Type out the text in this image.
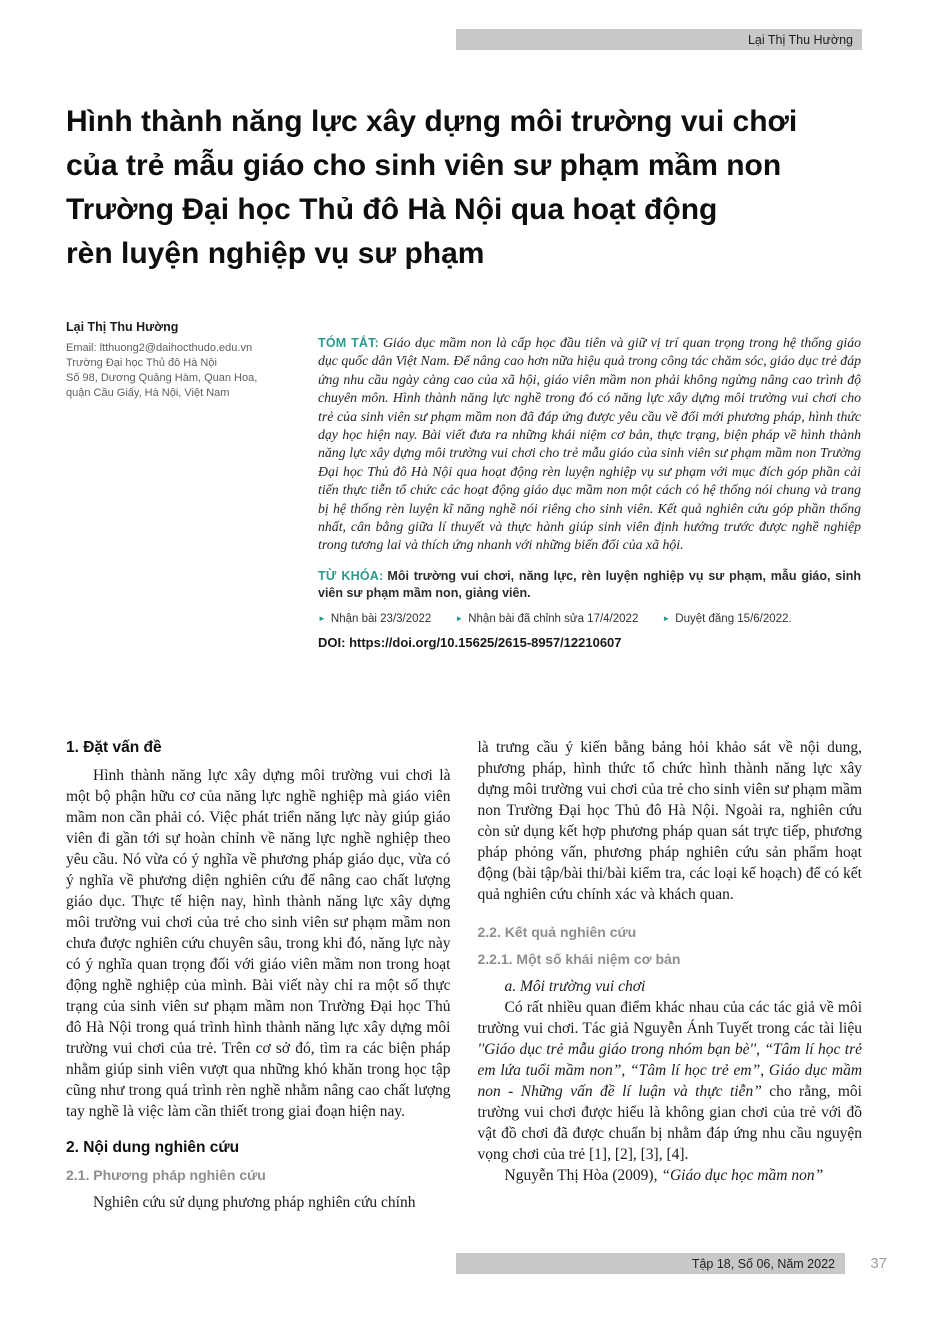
Lại Thị Thu Hường
Hình thành năng lực xây dựng môi trường vui chơi
của trẻ mẫu giáo cho sinh viên sư phạm mầm non
Trường Đại học Thủ đô Hà Nội qua hoạt động
rèn luyện nghiệp vụ sư phạm

Lại Thị Thu Hường

Email: ltthuong2@daihocthudo.edu.vn

Trường Đại học Thủ đô Hà Nội

Số 98, Dương Quảng Hàm, Quan Hoa,

quận Cầu Giấy, Hà Nội, Việt Nam

TÓM TẮT: Giáo dục mầm non là cấp học đầu tiên và giữ vị trí quan trọng trong hệ thống giáo dục quốc dân Việt Nam. Để nâng cao hơn nữa hiệu quả trong công tác chăm sóc, giáo dục trẻ đáp ứng nhu cầu ngày càng cao của xã hội, giáo viên mầm non phải không ngừng nâng cao trình độ chuyên môn. Hình thành năng lực nghề trong đó có năng lực xây dựng môi trường vui chơi cho trẻ của sinh viên sư phạm mầm non đã đáp ứng được yêu cầu về đổi mới phương pháp, hình thức dạy học hiện nay. Bài viết đưa ra những khái niệm cơ bản, thực trạng, biện pháp về hình thành năng lực xây dựng môi trường vui chơi cho trẻ mẫu giáo của sinh viên sư phạm mầm non Trường Đại học Thủ đô Hà Nội qua hoạt động rèn luyện nghiệp vụ sư phạm với mục đích góp phần cải tiến thực tiễn tổ chức các hoạt động giáo dục mầm non một cách có hệ thống nói chung và trang bị hệ thống rèn luyện kĩ năng nghề nói riêng cho sinh viên. Kết quả nghiên cứu góp phần thống nhất, cân bằng giữa lí thuyết và thực hành giúp sinh viên định hướng trước được nghề nghiệp trong tương lai và thích ứng nhanh với những biến đổi của xã hội.

TỪ KHÓA: Môi trường vui chơi, năng lực, rèn luyện nghiệp vụ sư phạm, mẫu giáo, sinh viên sư phạm mầm non, giảng viên.

► Nhận bài 23/3/2022	► Nhận bài đã chỉnh sửa 17/4/2022	► Duyệt đăng 15/6/2022.

DOI: https://doi.org/10.15625/2615-8957/12210607

1. Đặt vấn đề

Hình thành năng lực xây dựng môi trường vui chơi là một bộ phận hữu cơ của năng lực nghề nghiệp mà giáo viên mầm non cần phải có. Việc phát triển năng lực này giúp giáo viên đi gần tới sự hoàn chỉnh về năng lực nghề nghiệp theo yêu cầu. Nó vừa có ý nghĩa về phương pháp giáo dục, vừa có ý nghĩa về phương diện nghiên cứu để nâng cao chất lượng giáo dục. Thực tế hiện nay, hình thành năng lực xây dựng môi trường vui chơi của trẻ cho sinh viên sư phạm mầm non chưa được nghiên cứu chuyên sâu, trong khi đó, năng lực này có ý nghĩa quan trọng đối với giáo viên mầm non trong hoạt động nghề nghiệp của mình. Bài viết này chỉ ra một số thực trạng của sinh viên sư phạm mầm non Trường Đại học Thủ đô Hà Nội trong quá trình hình thành năng lực xây dựng môi trường vui chơi của trẻ. Trên cơ sở đó, tìm ra các biện pháp nhằm giúp sinh viên vượt qua những khó khăn trong học tập cũng như trong quá trình rèn nghề nhằm nâng cao chất lượng tay nghề là việc làm cần thiết trong giai đoạn hiện nay.

2. Nội dung nghiên cứu
2.1. Phương pháp nghiên cứu

Nghiên cứu sử dụng phương pháp nghiên cứu chính

là trưng cầu ý kiến bằng bảng hỏi khảo sát về nội dung, phương pháp, hình thức tổ chức hình thành năng lực xây dựng môi trường vui chơi của trẻ cho sinh viên sư phạm mầm non Trường Đại học Thủ đô Hà Nội. Ngoài ra, nghiên cứu còn sử dụng kết hợp phương pháp quan sát trực tiếp, phương pháp phỏng vấn, phương pháp nghiên cứu sản phẩm hoạt động (bài tập/bài thi/bài kiểm tra, các loại kế hoạch) để có kết quả nghiên cứu chính xác và khách quan.

2.2. Kết quả nghiên cứu
2.2.1. Một số khái niệm cơ bản

a. Môi trường vui chơi

Có rất nhiều quan điểm khác nhau của các tác giả về môi trường vui chơi. Tác giả Nguyễn Ánh Tuyết trong các tài liệu ''Giáo dục trẻ mẫu giáo trong nhóm bạn bè'', “Tâm lí học trẻ em lứa tuổi mầm non”, “Tâm lí học trẻ em”, Giáo dục mầm non - Những vấn đề lí luận và thực tiễn” cho rằng, môi trường vui chơi được hiểu là không gian chơi của trẻ với đồ vật đồ chơi đã được chuẩn bị nhằm đáp ứng nhu cầu nguyện vọng chơi của trẻ [1], [2], [3], [4].

Nguyễn Thị Hòa (2009), “Giáo dục học mầm non”

Tập 18, Số 06, Năm 2022 37
